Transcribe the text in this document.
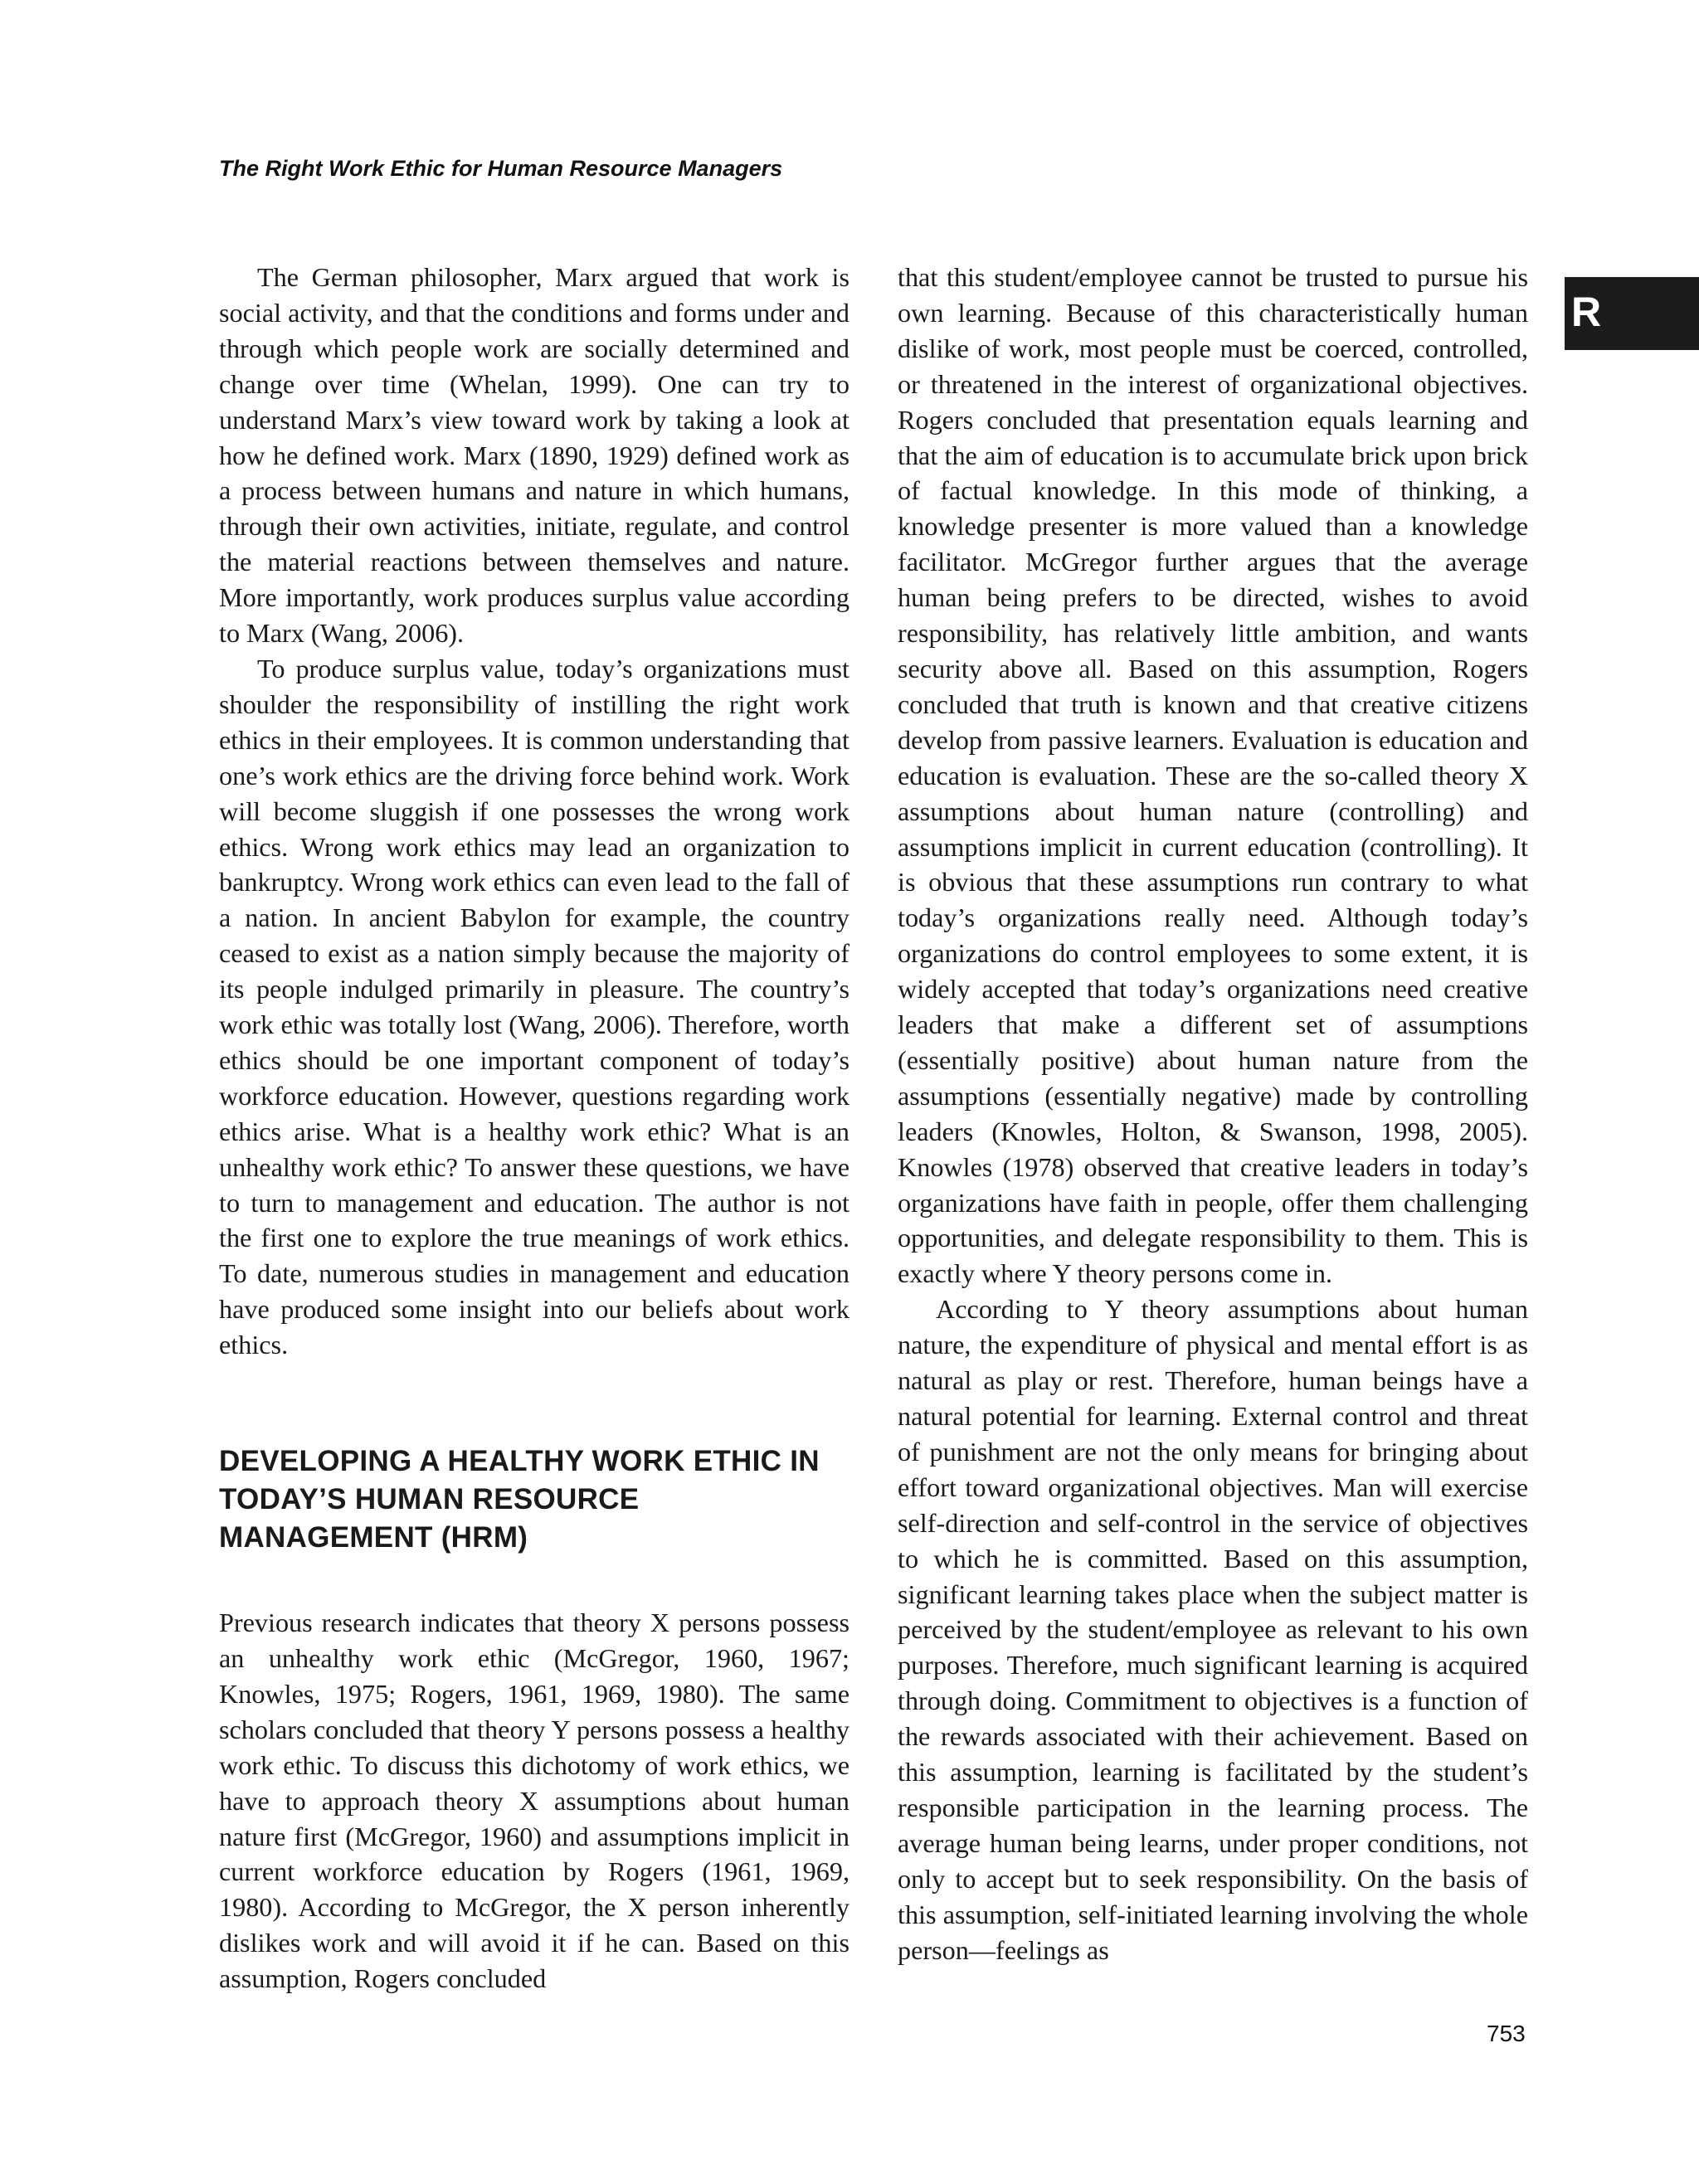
The Right Work Ethic for Human Resource Managers
R

The German philosopher, Marx argued that work is social activity, and that the conditions and forms under and through which people work are socially determined and change over time (Whelan, 1999). One can try to understand Marx’s view toward work by taking a look at how he defined work. Marx (1890, 1929) defined work as a process between humans and nature in which humans, through their own activities, initiate, regulate, and control the material reactions between themselves and nature. More importantly, work produces surplus value according to Marx (Wang, 2006).

To produce surplus value, today’s organizations must shoulder the responsibility of instilling the right work ethics in their employees. It is common understanding that one’s work ethics are the driving force behind work. Work will become sluggish if one possesses the wrong work ethics. Wrong work ethics may lead an organization to bankruptcy. Wrong work ethics can even lead to the fall of a nation. In ancient Babylon for example, the country ceased to exist as a nation simply because the majority of its people indulged primarily in pleasure. The country’s work ethic was totally lost (Wang, 2006). Therefore, worth ethics should be one important component of today’s workforce education. However, questions regarding work ethics arise. What is a healthy work ethic? What is an unhealthy work ethic? To answer these questions, we have to turn to management and education. The author is not the first one to explore the true meanings of work ethics. To date, numerous studies in management and education have produced some insight into our beliefs about work ethics.

DEVELOPING A HEALTHY WORK ETHIC IN TODAY’S HUMAN RESOURCE MANAGEMENT (HRM)

Previous research indicates that theory X persons possess an unhealthy work ethic (McGregor, 1960, 1967; Knowles, 1975; Rogers, 1961, 1969, 1980). The same scholars concluded that theory Y persons possess a healthy work ethic. To discuss this dichotomy of work ethics, we have to approach theory X assumptions about human nature first (McGregor, 1960) and assumptions implicit in current workforce education by Rogers (1961, 1969, 1980). According to McGregor, the X person inherently dislikes work and will avoid it if he can. Based on this assumption, Rogers concluded

that this student/employee cannot be trusted to pursue his own learning. Because of this characteristically human dislike of work, most people must be coerced, controlled, or threatened in the interest of organizational objectives. Rogers concluded that presentation equals learning and that the aim of education is to accumulate brick upon brick of factual knowledge. In this mode of thinking, a knowledge presenter is more valued than a knowledge facilitator. McGregor further argues that the average human being prefers to be directed, wishes to avoid responsibility, has relatively little ambition, and wants security above all. Based on this assumption, Rogers concluded that truth is known and that creative citizens develop from passive learners. Evaluation is education and education is evaluation. These are the so-called theory X assumptions about human nature (controlling) and assumptions implicit in current education (controlling). It is obvious that these assumptions run contrary to what today’s organizations really need. Although today’s organizations do control employees to some extent, it is widely accepted that today’s organizations need creative leaders that make a different set of assumptions (essentially positive) about human nature from the assumptions (essentially negative) made by controlling leaders (Knowles, Holton, & Swanson, 1998, 2005). Knowles (1978) observed that creative leaders in today’s organizations have faith in people, offer them challenging opportunities, and delegate responsibility to them. This is exactly where Y theory persons come in.

According to Y theory assumptions about human nature, the expenditure of physical and mental effort is as natural as play or rest. Therefore, human beings have a natural potential for learning. External control and threat of punishment are not the only means for bringing about effort toward organizational objectives. Man will exercise self-direction and self-control in the service of objectives to which he is committed. Based on this assumption, significant learning takes place when the subject matter is perceived by the student/employee as relevant to his own purposes. Therefore, much significant learning is acquired through doing. Commitment to objectives is a function of the rewards associated with their achievement. Based on this assumption, learning is facilitated by the student’s responsible participation in the learning process. The average human being learns, under proper conditions, not only to accept but to seek responsibility. On the basis of this assumption, self-initiated learning involving the whole person—feelings as

753
